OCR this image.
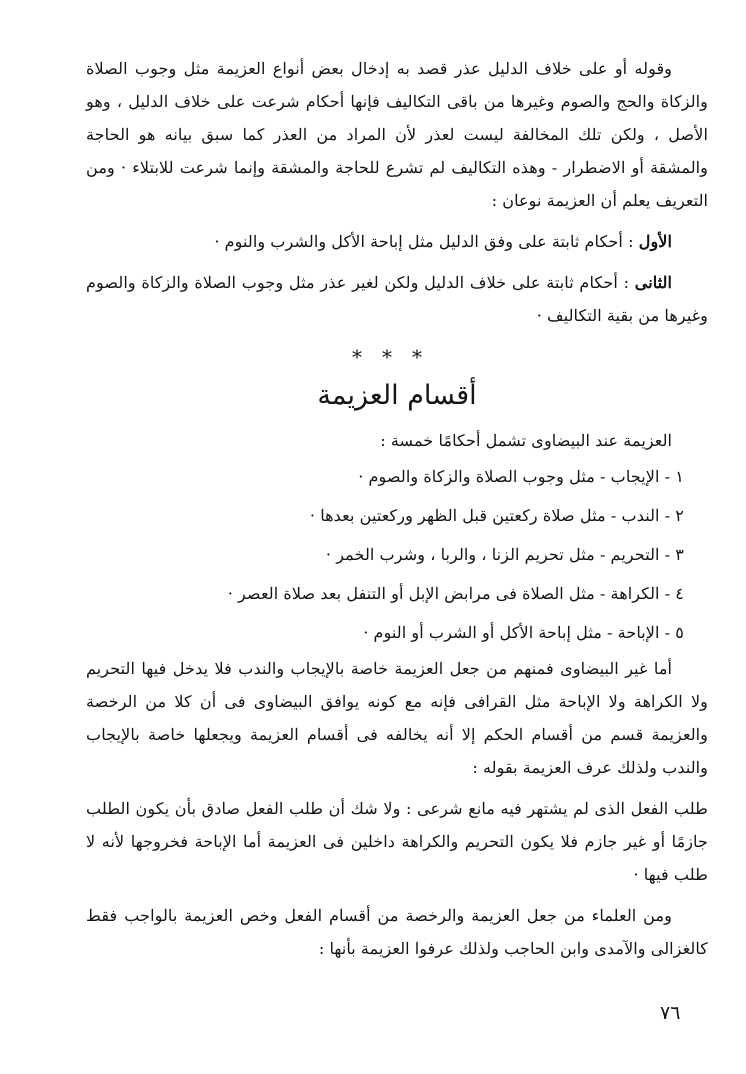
وقوله أو على خلاف الدليل عذر قصد به إدخال بعض أنواع العزيمة مثل وجوب الصلاة والزكاة والحج والصوم وغيرها من باقى التكاليف فإنها أحكام شرعت على خلاف الدليل ، وهو الأصل ، ولكن تلك المخالفة ليست لعذر لأن المراد من العذر كما سبق بيانه هو الحاجة والمشقة أو الاضطرار - وهذه التكاليف لم تشرع للحاجة والمشقة وإنما شرعت للابتلاء · ومن التعريف يعلم أن العزيمة نوعان :

الأول : أحكام ثابتة على وفق الدليل مثل إباحة الأكل والشرب والنوم ·

الثانى : أحكام ثابتة على خلاف الدليل ولكن لغير عذر مثل وجوب الصلاة والزكاة والصوم وغيرها من بقية التكاليف ·

***

أقسام العزيمة

العزيمة عند البيضاوى تشمل أحكامًا خمسة :

١ - الإيجاب - مثل وجوب الصلاة والزكاة والصوم ·

٢ - الندب - مثل صلاة ركعتين قبل الظهر وركعتين بعدها ·

٣ - التحريم - مثل تحريم الزنا ، والربا ، وشرب الخمر ·

٤ - الكراهة - مثل الصلاة فى مرابض الإبل أو التنفل بعد صلاة العصر ·

٥ - الإباحة - مثل إباحة الأكل أو الشرب أو النوم ·

أما غير البيضاوى فمنهم من جعل العزيمة خاصة بالإيجاب والندب فلا يدخل فيها التحريم ولا الكراهة ولا الإباحة مثل القرافى فإنه مع كونه يوافق البيضاوى فى أن كلا من الرخصة والعزيمة قسم من أقسام الحكم إلا أنه يخالفه فى أقسام العزيمة ويجعلها خاصة بالإيجاب والندب ولذلك عرف العزيمة بقوله :

طلب الفعل الذى لم يشتهر فيه مانع شرعى : ولا شك أن طلب الفعل صادق بأن يكون الطلب جازمًا أو غير جازم فلا يكون التحريم والكراهة داخلين فى العزيمة أما الإباحة فخروجها لأنه لا طلب فيها ·

ومن العلماء من جعل العزيمة والرخصة من أقسام الفعل وخص العزيمة بالواجب فقط كالغزالى والآمدى وابن الحاجب ولذلك عرفوا العزيمة بأنها :

٧٦
